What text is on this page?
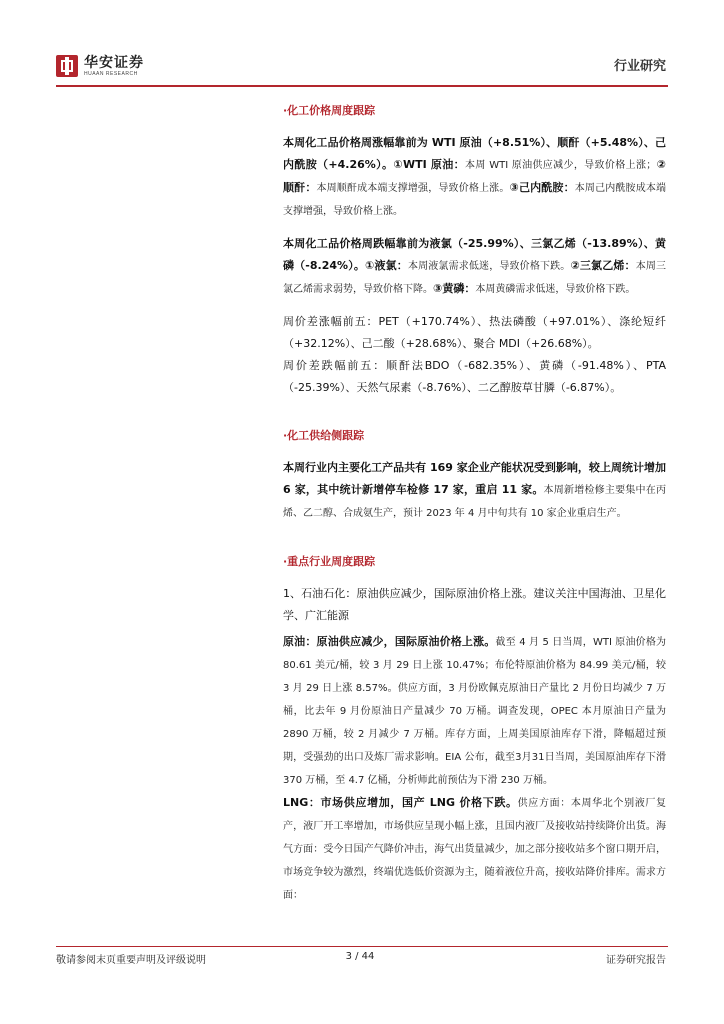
华安证券
HUAAN RESEARCH	行业研究

·化工价格周度跟踪

本周化工品价格周涨幅靠前为 WTI 原油（+8.51%）、顺酐（+5.48%）、己内酰胺（+4.26%）。①WTI 原油：本周 WTI 原油供应减少，导致价格上涨；②顺酐：本周顺酐成本端支撑增强，导致价格上涨。③己内酰胺：本周己内酰胺成本端支撑增强，导致价格上涨。

本周化工品价格周跌幅靠前为液氯（-25.99%）、三氯乙烯（-13.89%）、黄磷（-8.24%）。①液氯：本周液氯需求低迷，导致价格下跌。②三氯乙烯：本周三氯乙烯需求弱势，导致价格下降。③黄磷：本周黄磷需求低迷，导致价格下跌。

周价差涨幅前五：PET（+170.74%）、热法磷酸（+97.01%）、涤纶短纤（+32.12%）、己二酸（+28.68%）、聚合 MDI（+26.68%）。

周价差跌幅前五：顺酐法BDO（-682.35%）、黄磷（-91.48%）、PTA（-25.39%）、天然气尿素（-8.76%）、二乙醇胺草甘膦（-6.87%）。

·化工供给侧跟踪

本周行业内主要化工产品共有 169 家企业产能状况受到影响，较上周统计增加 6 家，其中统计新增停车检修 17 家，重启 11 家。本周新增检修主要集中在丙烯、乙二醇、合成氨生产，预计 2023 年 4 月中旬共有 10 家企业重启生产。

·重点行业周度跟踪

1、石油石化：原油供应减少，国际原油价格上涨。建议关注中国海油、卫星化学、广汇能源

原油：原油供应减少，国际原油价格上涨。截至 4 月 5 日当周，WTI 原油价格为 80.61 美元/桶，较 3 月 29 日上涨 10.47%；布伦特原油价格为 84.99 美元/桶，较 3 月 29 日上涨 8.57%。供应方面，3 月份欧佩克原油日产量比 2 月份日均减少 7 万桶，比去年 9 月份原油日产量减少 70 万桶。调查发现，OPEC 本月原油日产量为 2890 万桶，较 2 月减少 7 万桶。库存方面，上周美国原油库存下滑，降幅超过预期，受强劲的出口及炼厂需求影响。EIA 公布，截至3月31日当周，美国原油库存下滑 370 万桶，至 4.7 亿桶，分析师此前预估为下滑 230 万桶。

LNG：市场供应增加，国产 LNG 价格下跌。供应方面：本周华北个别液厂复产，液厂开工率增加，市场供应呈现小幅上涨，且国内液厂及接收站持续降价出货。海气方面：受今日国产气降价冲击，海气出货量减少，加之部分接收站多个窗口期开启，市场竞争较为激烈，终端优选低价资源为主，随着液位升高，接收站降价排库。需求方面：

敬请参阅末页重要声明及评级说明	3 / 44	证券研究报告
